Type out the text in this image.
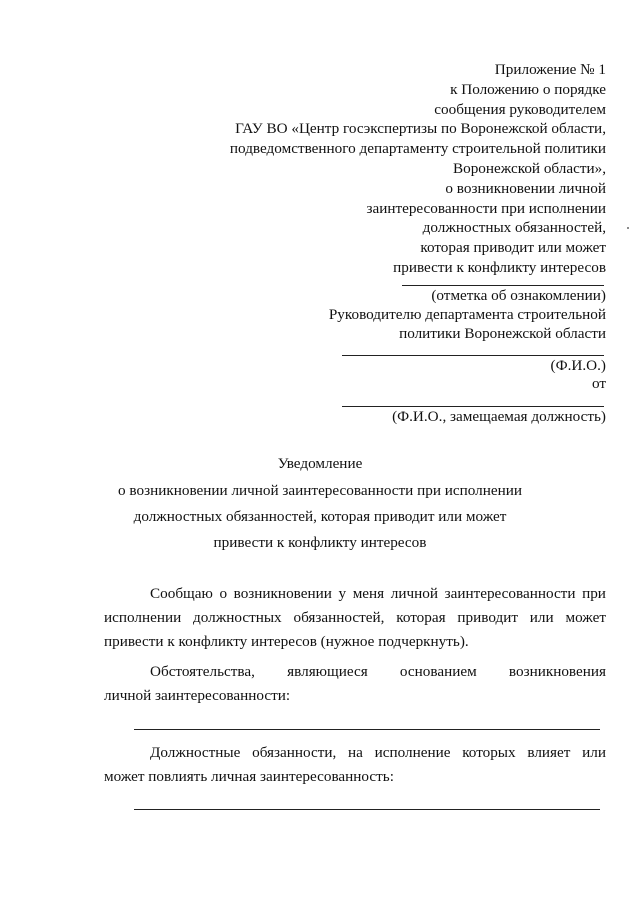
Приложение № 1
к Положению о порядке
сообщения руководителем
ГАУ ВО «Центр госэкспертизы по Воронежской области,
подведомственного департаменту строительной политики
Воронежской области»,
о возникновении личной
заинтересованности при исполнении
должностных обязанностей,
которая приводит или может
привести к конфликту интересов
(отметка об ознакомлении)
Руководителю департамента строительной
политики Воронежской области
(Ф.И.О.)
от
(Ф.И.О., замещаемая должность)
Уведомление
о возникновении личной заинтересованности при исполнении
должностных обязанностей, которая приводит или может
привести к конфликту интересов
Сообщаю о возникновении у меня личной заинтересованности при
исполнении должностных обязанностей, которая приводит или может
привести к конфликту интересов (нужное подчеркнуть).
Обстоятельства, являющиеся основанием возникновения
личной заинтересованности:
Должностные обязанности, на исполнение которых влияет или
может повлиять личная заинтересованность:
